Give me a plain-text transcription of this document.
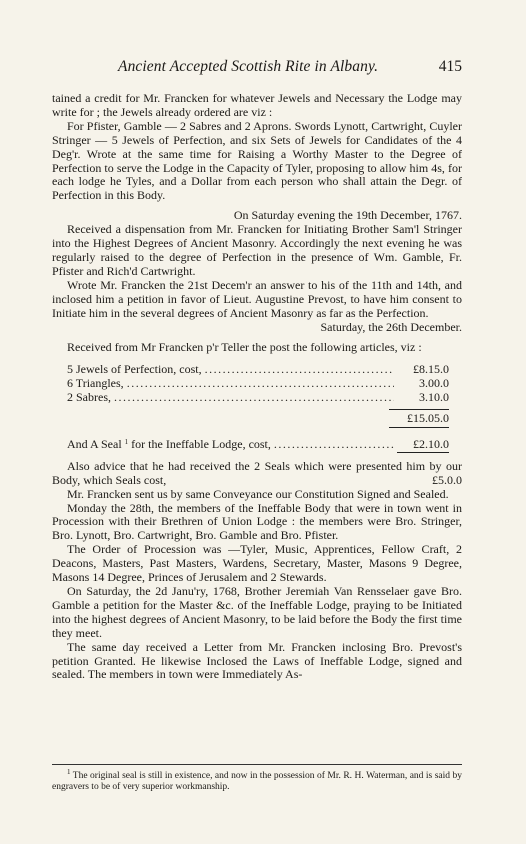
Ancient Accepted Scottish Rite in Albany.	415

tained a credit for Mr. Francken for whatever Jewels and Necessary the Lodge may write for ; the Jewels already ordered are viz :

For Pfister, Gamble — 2 Sabres and 2 Aprons. Swords Lynott, Cartwright, Cuyler Stringer — 5 Jewels of Perfection, and six Sets of Jewels for Candidates of the 4 Deg'r. Wrote at the same time for Raising a Worthy Master to the Degree of Perfection to serve the Lodge in the Capacity of Tyler, proposing to allow him 4s, for each lodge he Tyles, and a Dollar from each person who shall attain the Degr. of Perfection in this Body.

On Saturday evening the 19th December, 1767.

Received a dispensation from Mr. Francken for Initiating Brother Sam'l Stringer into the Highest Degrees of Ancient Masonry. Accordingly the next evening he was regularly raised to the degree of Perfection in the presence of Wm. Gamble, Fr. Pfister and Rich'd Cartwright.

Wrote Mr. Francken the 21st Decem'r an answer to his of the 11th and 14th, and inclosed him a petition in favor of Lieut. Augustine Prevost, to have him consent to Initiate him in the several degrees of Ancient Masonry as far as the Perfection.

Saturday, the 26th December.

Received from Mr Francken p'r Teller the post the following articles, viz :

5 Jewels of Perfection, cost, .....	£8.15.0
6 Triangles, .....	3.00.0
2 Sabres, .....	3.10.0
£15.05.0
And A Seal $^1$ for the Ineffable Lodge, cost, .....	£2.10.0

Also advice that he had received the 2 Seals which were presented him by our Body, which Seals cost,	£5.0.0

Mr. Francken sent us by same Conveyance our Constitution Signed and Sealed.

Monday the 28th, the members of the Ineffable Body that were in town went in Procession with their Brethren of Union Lodge : the members were Bro. Stringer, Bro. Lynott, Bro. Cartwright, Bro. Gamble and Bro. Pfister.

The Order of Procession was —Tyler, Music, Apprentices, Fellow Craft, 2 Deacons, Masters, Past Masters, Wardens, Secretary, Master, Masons 9 Degree, Masons 14 Degree, Princes of Jerusalem and 2 Stewards.

On Saturday, the 2d Janu'ry, 1768, Brother Jeremiah Van Rensselaer gave Bro. Gamble a petition for the Master &c. of the Ineffable Lodge, praying to be Initiated into the highest degrees of Ancient Masonry, to be laid before the Body the first time they meet.

The same day received a Letter from Mr. Francken inclosing Bro. Prevost's petition Granted. He likewise Inclosed the Laws of Ineffable Lodge, signed and sealed. The members in town were Immediately As-

$^1$ The original seal is still in existence, and now in the possession of Mr. R. H. Waterman, and is said by engravers to be of very superior workmanship.
